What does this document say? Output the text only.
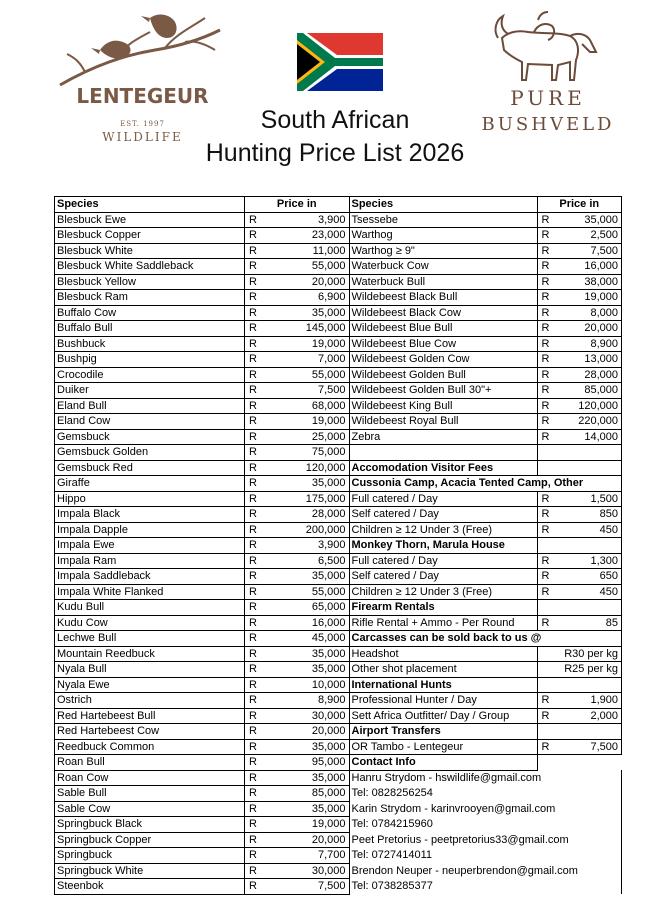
LENTEGEUR
EST. 1997
WILDLIFE
South African
Hunting Price List 2026
PURE
BUSHVELD
Species	Price in		Species	Price in	
Blesbuck Ewe	R	3,900	Tsessebe	R	35,000
Blesbuck Copper	R	23,000	Warthog	R	2,500
Blesbuck White	R	11,000	Warthog ≥ 9"	R	7,500
Blesbuck White Saddleback	R	55,000	Waterbuck Cow	R	16,000
Blesbuck Yellow	R	20,000	Waterbuck Bull	R	38,000
Blesbuck Ram	R	6,900	Wildebeest Black Bull	R	19,000
Buffalo Cow	R	35,000	Wildebeest Black Cow	R	8,000
Buffalo Bull	R	145,000	Wildebeest Blue Bull	R	20,000
Bushbuck	R	19,000	Wildebeest Blue Cow	R	8,900
Bushpig	R	7,000	Wildebeest Golden Cow	R	13,000
Crocodile	R	55,000	Wildebeest Golden Bull	R	28,000
Duiker	R	7,500	Wildebeest Golden Bull 30"+	R	85,000
Eland Bull	R	68,000	Wildebeest King Bull	R	120,000
Eland Cow	R	19,000	Wildebeest Royal Bull	R	220,000
Gemsbuck	R	25,000	Zebra	R	14,000
Gemsbuck Golden	R	75,000			
Gemsbuck Red	R	120,000	Accomodation Visitor Fees		
Giraffe	R	35,000	Cussonia Camp, Acacia Tented Camp, Other		
Hippo	R	175,000	Full catered / Day	R	1,500
Impala Black	R	28,000	Self catered / Day	R	850
Impala Dapple	R	200,000	Children ≥ 12 Under 3 (Free)	R	450
Impala Ewe	R	3,900	Monkey Thorn, Marula House		
Impala Ram	R	6,500	Full catered / Day	R	1,300
Impala Saddleback	R	35,000	Self catered / Day	R	650
Impala White Flanked	R	55,000	Children ≥ 12 Under 3 (Free)	R	450
Kudu Bull	R	65,000	Firearm Rentals		
Kudu Cow	R	16,000	Rifle Rental + Ammo - Per Round	R	85
Lechwe Bull	R	45,000	Carcasses can be sold back to us @		
Mountain Reedbuck	R	35,000	Headshot	R30 per kg	
Nyala Bull	R	35,000	Other shot placement	R25 per kg	
Nyala Ewe	R	10,000	International Hunts		
Ostrich	R	8,900	Professional Hunter / Day	R	1,900
Red Hartebeest Bull	R	30,000	Sett Africa Outfitter/ Day / Group	R	2,000
Red Hartebeest Cow	R	20,000	Airport Transfers		
Reedbuck Common	R	35,000	OR Tambo - Lentegeur	R	7,500
Roan Bull	R	95,000	Contact Info		
Roan Cow	R	35,000	Hanru Strydom - hswildlife@gmail.com		
Sable Bull	R	85,000	Tel: 0828256254		
Sable Cow	R	35,000	Karin Strydom - karinvrooyen@gmail.com		
Springbuck Black	R	19,000	Tel: 0784215960		
Springbuck Copper	R	20,000	Peet Pretorius - peetpretorius33@gmail.com		
Springbuck	R	7,700	Tel: 0727414011		
Springbuck White	R	30,000	Brendon Neuper - neuperbrendon@gmail.com		
Steenbok	R	7,500	Tel: 0738285377		
